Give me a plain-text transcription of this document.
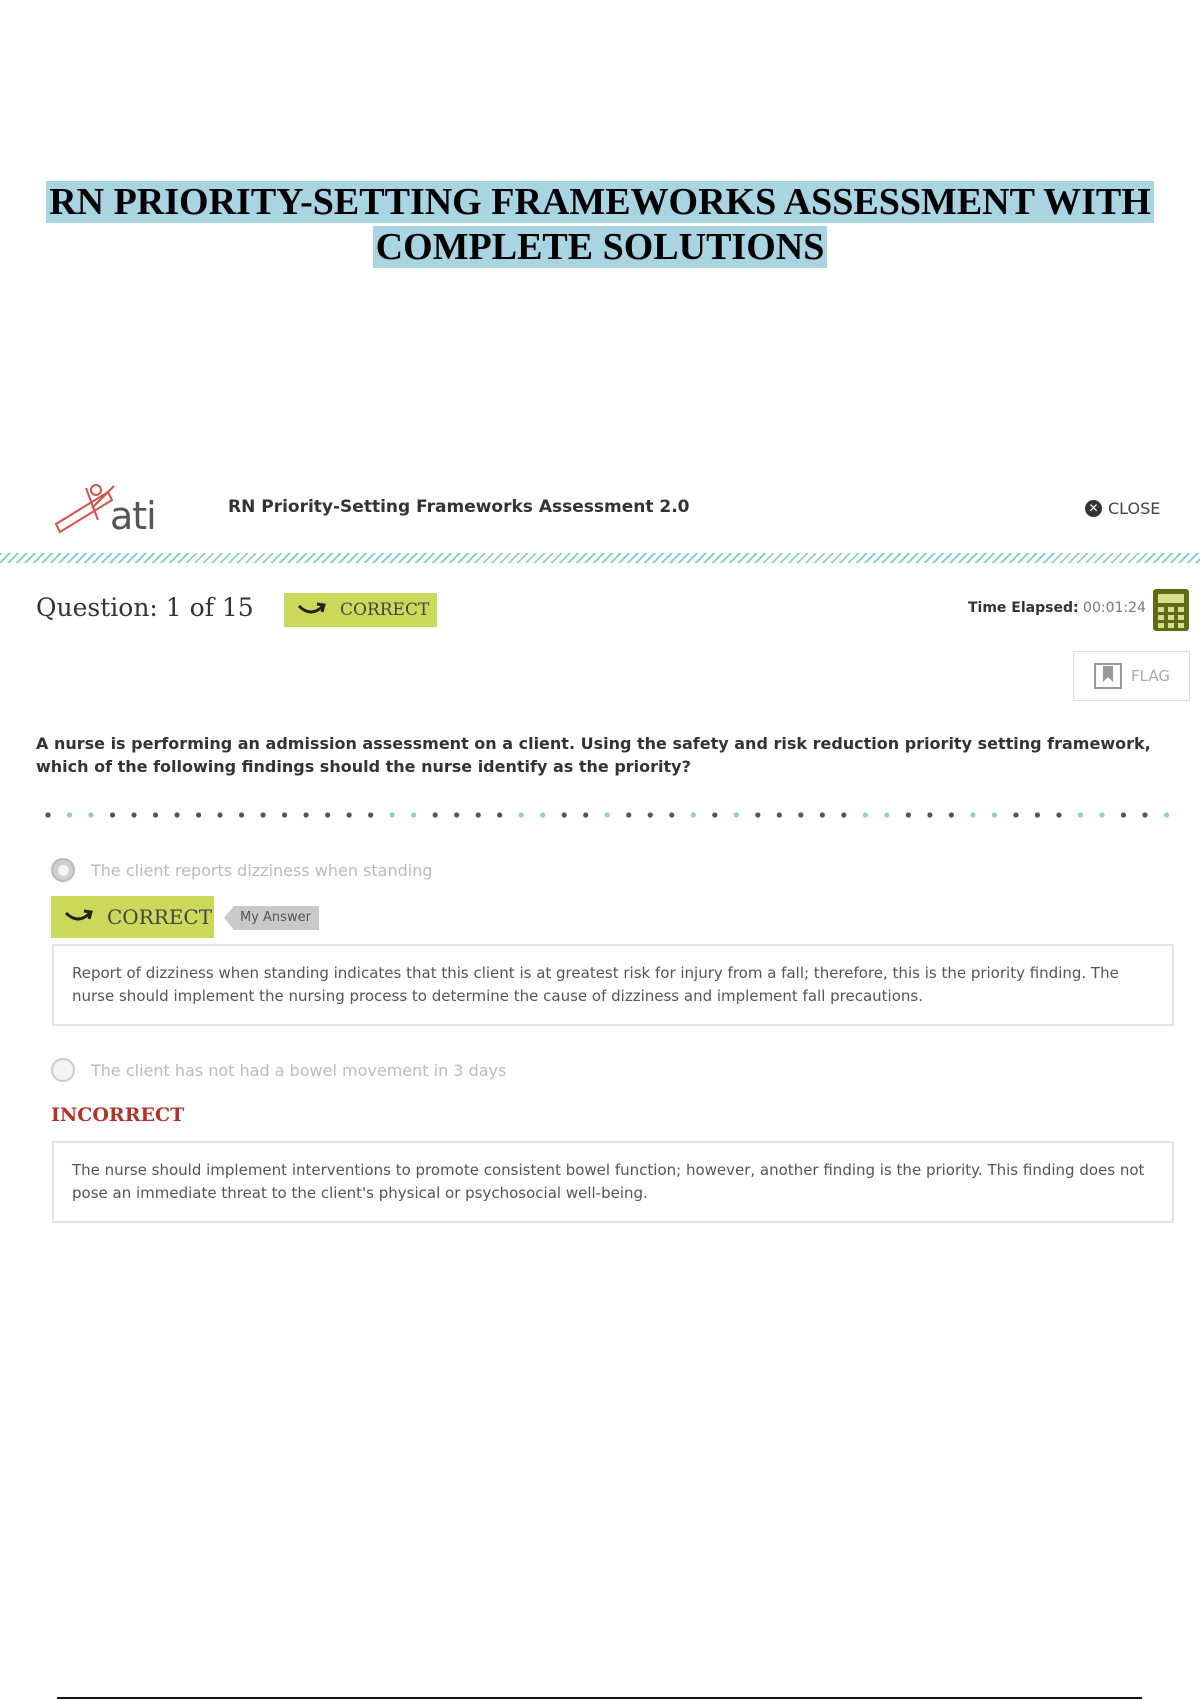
RN PRIORITY-SETTING FRAMEWORKS ASSESSMENT WITH
COMPLETE SOLUTIONS
ati	RN Priority-Setting Frameworks Assessment 2.0	✕ CLOSE
Question: 1 of 15	CORRECT	Time Elapsed: 00:01:24
FLAG
A nurse is performing an admission assessment on a client. Using the safety and risk reduction priority setting framework, which of the following findings should the nurse identify as the priority?
The client reports dizziness when standing
CORRECT	My Answer
Report of dizziness when standing indicates that this client is at greatest risk for injury from a fall; therefore, this is the priority finding. The nurse should implement the nursing process to determine the cause of dizziness and implement fall precautions.
The client has not had a bowel movement in 3 days
INCORRECT
The nurse should implement interventions to promote consistent bowel function; however, another finding is the priority. This finding does not pose an immediate threat to the client's physical or psychosocial well-being.
